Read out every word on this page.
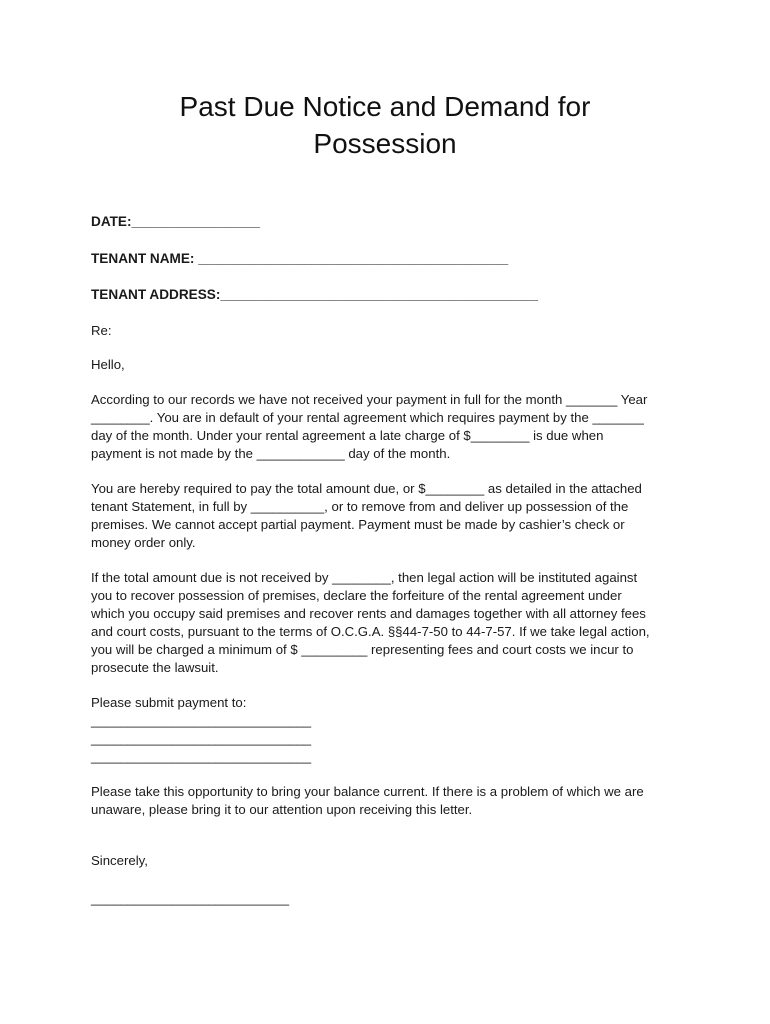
Past Due Notice and Demand for
Possession

DATE:_________________

TENANT NAME: _________________________________________

TENANT ADDRESS:__________________________________________

Re:

Hello,

According to our records we have not received your payment in full for the month _______ Year
________. You are in default of your rental agreement which requires payment by the _______
day of the month. Under your rental agreement a late charge of $________ is due when
payment is not made by the ____________ day of the month.
You are hereby required to pay the total amount due, or $________ as detailed in the attached
tenant Statement, in full by __________, or to remove from and deliver up possession of the
premises. We cannot accept partial payment. Payment must be made by cashier’s check or
money order only.
If the total amount due is not received by ________, then legal action will be instituted against
you to recover possession of premises, declare the forfeiture of the rental agreement under
which you occupy said premises and recover rents and damages together with all attorney fees
and court costs, pursuant to the terms of O.C.G.A. §§44-7-50 to 44-7-57. If we take legal action,
you will be charged a minimum of $ _________ representing fees and court costs we incur to
prosecute the lawsuit.
Please submit payment to:
______________________________
______________________________
______________________________
Please take this opportunity to bring your balance current. If there is a problem of which we are
unaware, please bring it to our attention upon receiving this letter.

Sincerely,

___________________________
